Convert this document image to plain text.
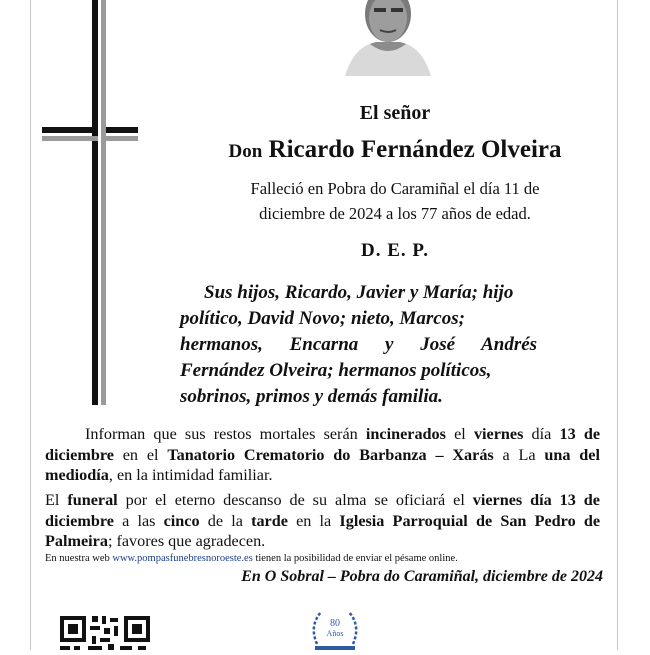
El señor
Don Ricardo Fernández Olveira
Falleció en Pobra do Caramiñal el día 11 de
diciembre de 2024 a los 77 años de edad.
D. E. P.
Sus hijos, Ricardo, Javier y María; hijo
político, David Novo; nieto, Marcos;
hermanos, Encarna y José Andrés
Fernández Olveira; hermanos políticos,
sobrinos, primos y demás familia.
Informan que sus restos mortales serán incinerados el viernes día 13 de diciembre en el Tanatorio Crematorio do Barbanza – Xarás a La una del mediodía, en la intimidad familiar.
El funeral por el eterno descanso de su alma se oficiará el viernes día 13 de diciembre a las cinco de la tarde en la Iglesia Parroquial de San Pedro de Palmeira; favores que agradecen.
En nuestra web www.pompasfunebresnoroeste.es tienen la posibilidad de enviar el pésame online.
En O Sobral – Pobra do Caramiñal, diciembre de 2024
80
Años
